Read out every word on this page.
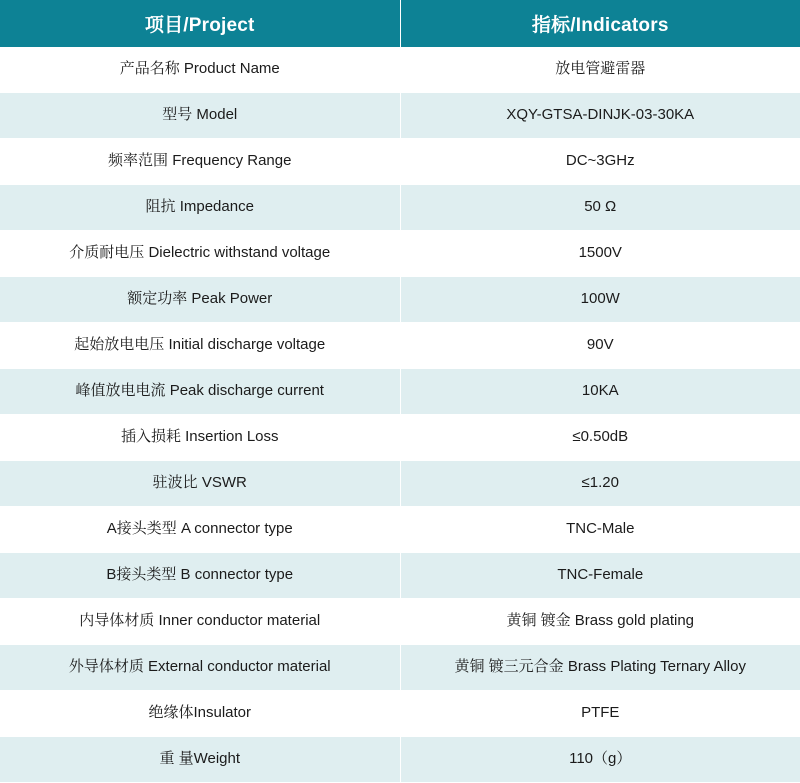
项目/Project	指标/Indicators
产品名称 Product Name	放电管避雷器
型号 Model	XQY-GTSA-DINJK-03-30KA
频率范围 Frequency Range	DC~3GHz
阻抗 Impedance	50 Ω
介质耐电压 Dielectric withstand voltage	1500V
额定功率 Peak Power	100W
起始放电电压 Initial discharge voltage	90V
峰值放电电流 Peak discharge current	10KA
插入损耗 Insertion Loss	≤0.50dB
驻波比 VSWR	≤1.20
A接头类型 A connector type	TNC-Male
B接头类型 B connector type	TNC-Female
内导体材质 Inner conductor material	黄铜 镀金 Brass gold plating
外导体材质 External conductor material	黄铜 镀三元合金 Brass Plating Ternary Alloy
绝缘体Insulator	PTFE
重 量Weight	110（g）
